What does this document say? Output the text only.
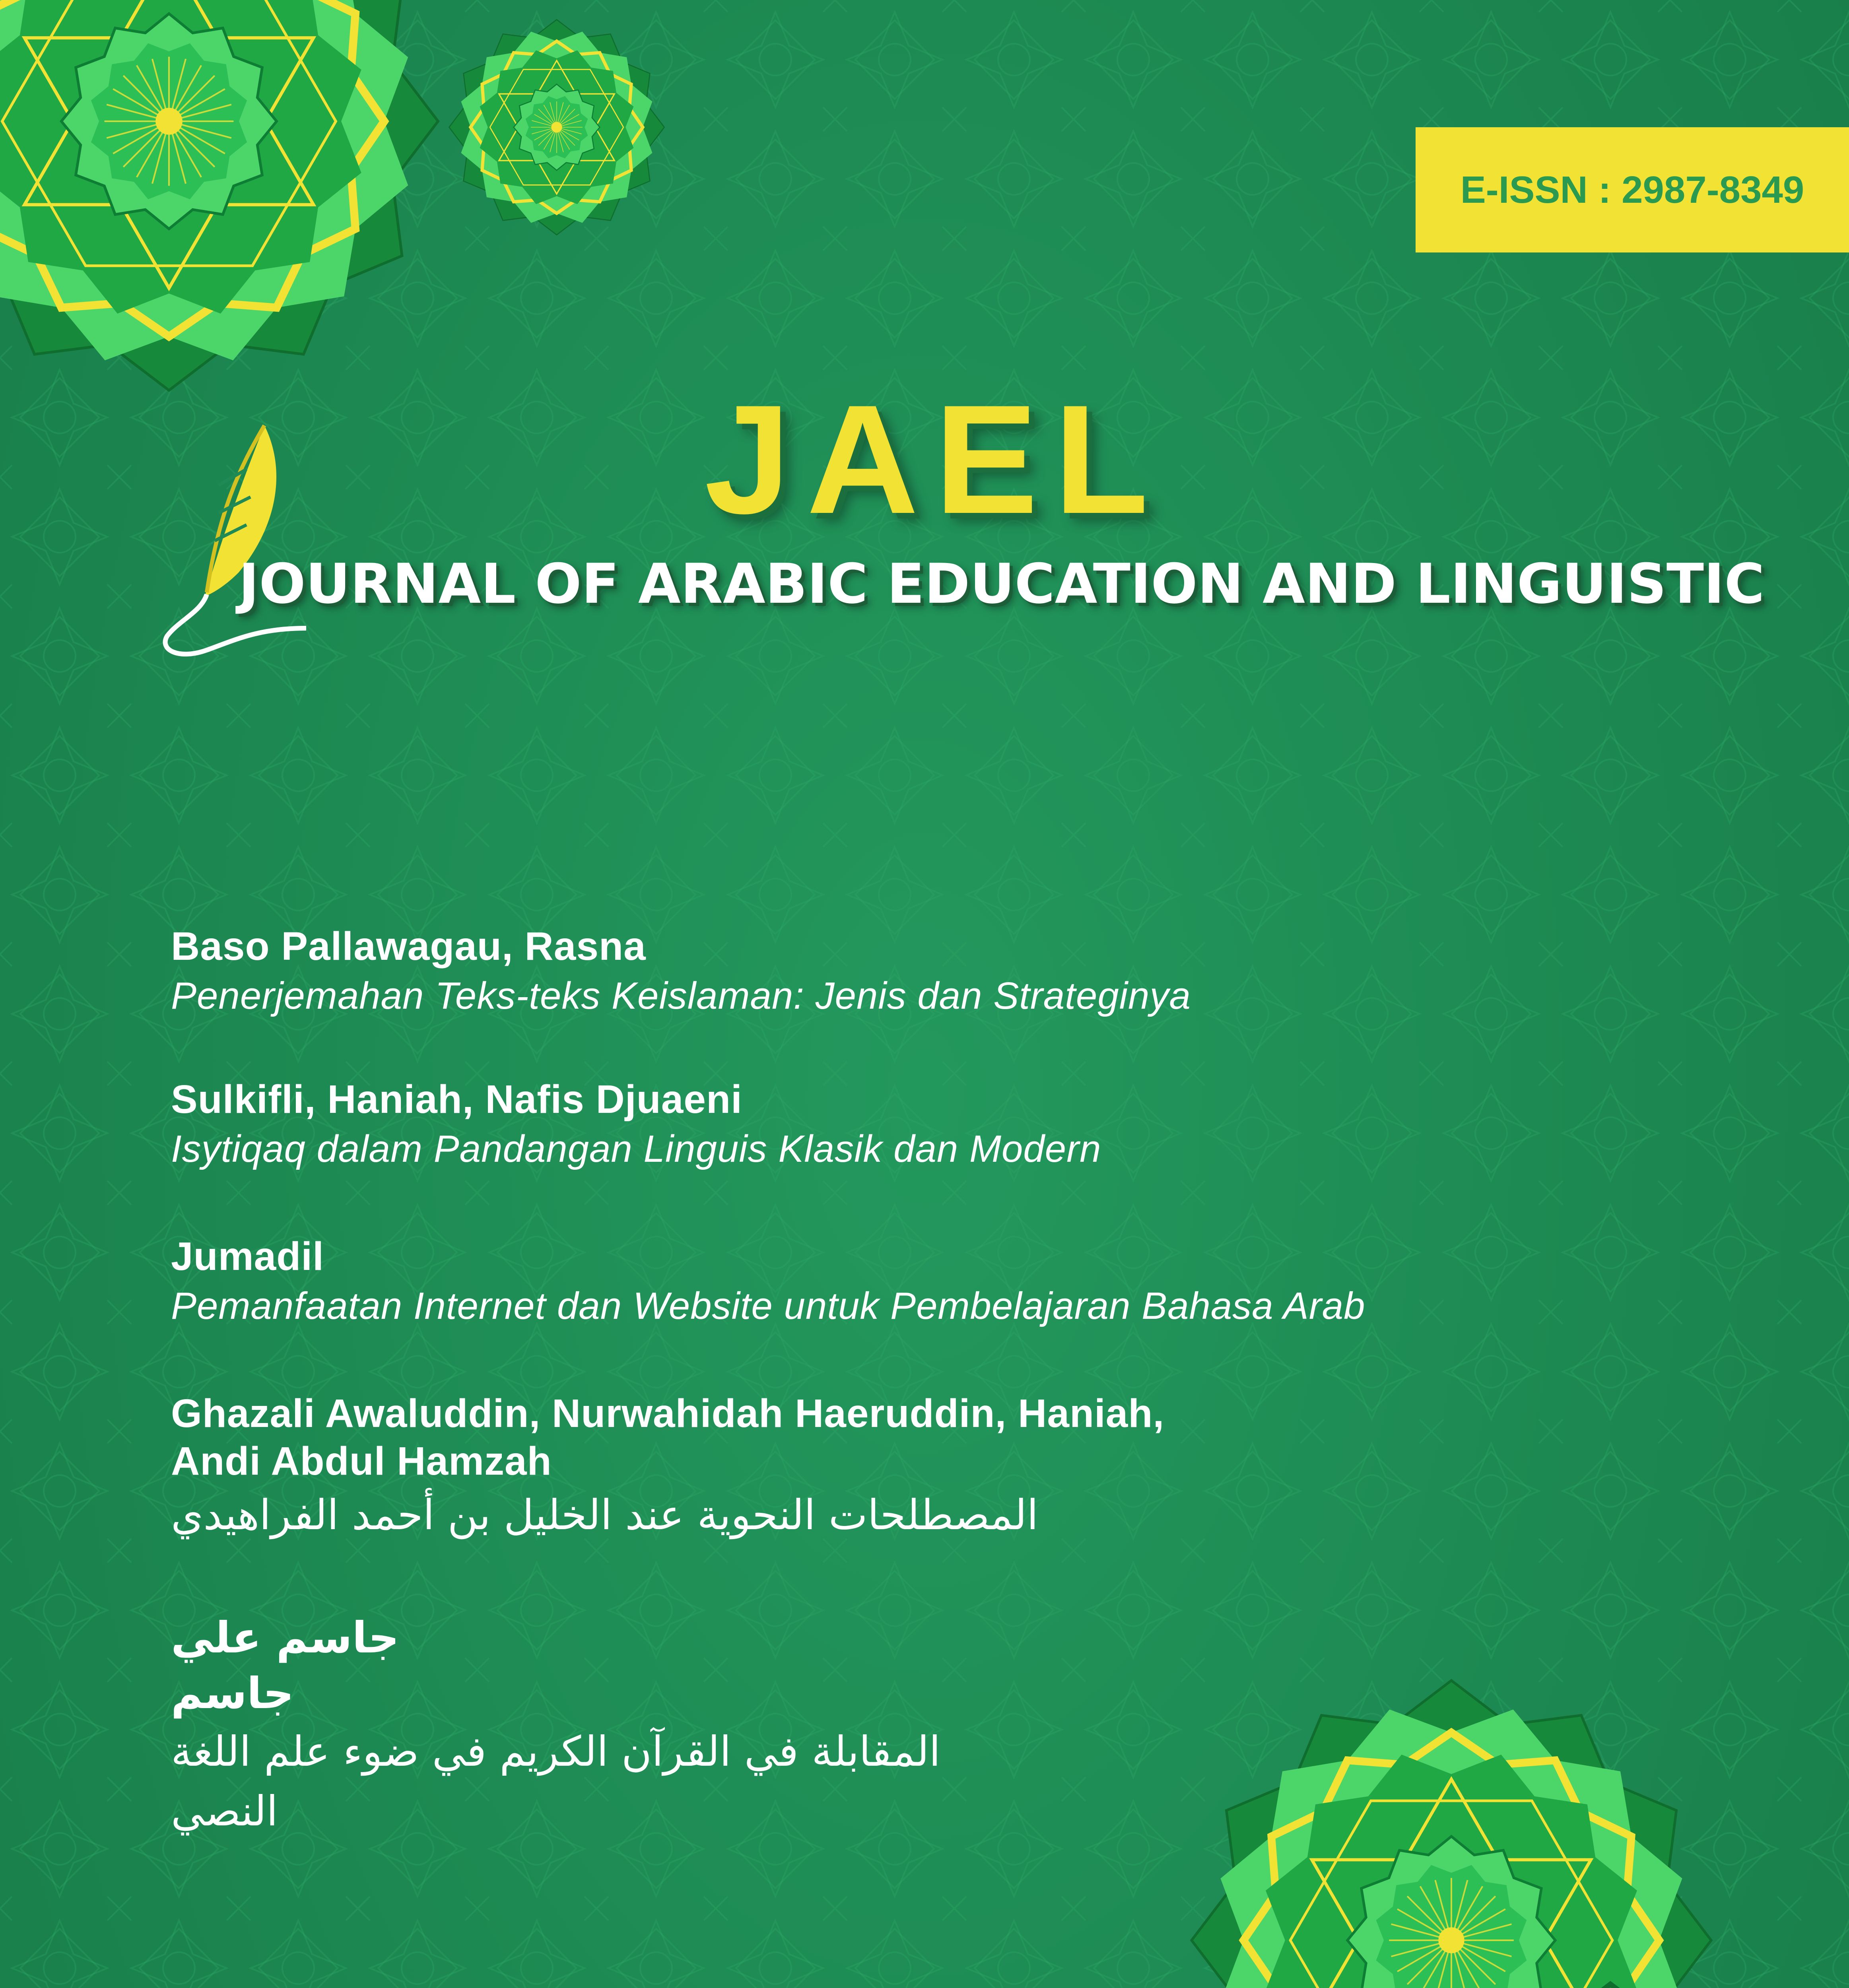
E-ISSN : 2987-8349
JAEL
JOURNAL OF ARABIC EDUCATION AND LINGUISTIC
Baso Pallawagau, Rasna
Penerjemahan Teks-teks Keislaman: Jenis dan Strateginya
Sulkifli, Haniah, Nafis Djuaeni
Isytiqaq dalam Pandangan Linguis Klasik dan Modern
Jumadil
Pemanfaatan Internet dan Website untuk Pembelajaran Bahasa Arab
Ghazali Awaluddin, Nurwahidah Haeruddin, Haniah,
Andi Abdul Hamzah
المصطلحات النحوية عند الخليل بن أحمد الفراهيدي
جاسم علي جاسم
المقابلة في القرآن الكريم في ضوء علم اللغة النصي
